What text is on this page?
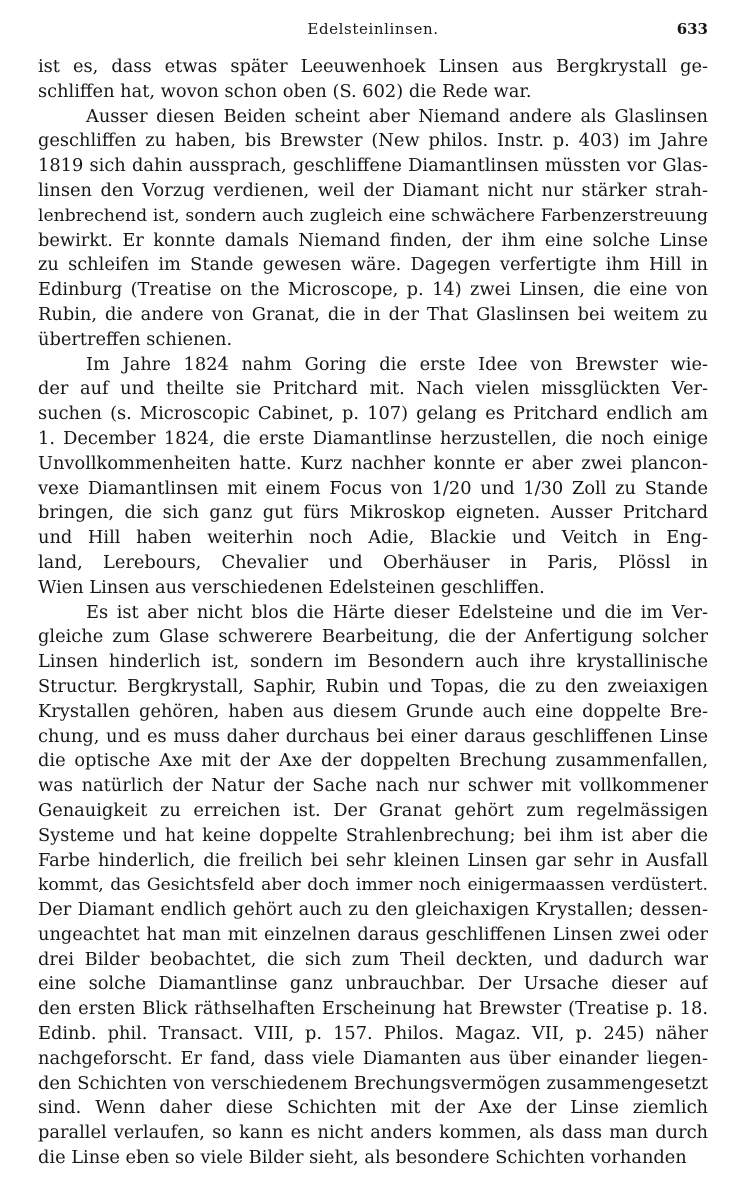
Edelsteinlinsen.	633
ist es, dass etwas später Leeuwenhoek Linsen aus Bergkrystall ge-
schliffen hat, wovon schon oben (S. 602) die Rede war.
Ausser diesen Beiden scheint aber Niemand andere als Glaslinsen
geschliffen zu haben, bis Brewster (New philos. Instr. p. 403) im Jahre
1819 sich dahin aussprach, geschliffene Diamantlinsen müssten vor Glas-
linsen den Vorzug verdienen, weil der Diamant nicht nur stärker strah-
lenbrechend ist, sondern auch zugleich eine schwächere Farbenzerstreuung
bewirkt. Er konnte damals Niemand finden, der ihm eine solche Linse
zu schleifen im Stande gewesen wäre. Dagegen verfertigte ihm Hill in
Edinburg (Treatise on the Microscope, p. 14) zwei Linsen, die eine von
Rubin, die andere von Granat, die in der That Glaslinsen bei weitem zu
übertreffen schienen.
Im Jahre 1824 nahm Goring die erste Idee von Brewster wie-
der auf und theilte sie Pritchard mit. Nach vielen missglückten Ver-
suchen (s. Microscopic Cabinet, p. 107) gelang es Pritchard endlich am
1. December 1824, die erste Diamantlinse herzustellen, die noch einige
Unvollkommenheiten hatte. Kurz nachher konnte er aber zwei plancon-
vexe Diamantlinsen mit einem Focus von 1/20 und 1/30 Zoll zu Stande
bringen, die sich ganz gut fürs Mikroskop eigneten. Ausser Pritchard
und Hill haben weiterhin noch Adie, Blackie und Veitch in Eng-
land, Lerebours, Chevalier und Oberhäuser in Paris, Plössl in
Wien Linsen aus verschiedenen Edelsteinen geschliffen.
Es ist aber nicht blos die Härte dieser Edelsteine und die im Ver-
gleiche zum Glase schwerere Bearbeitung, die der Anfertigung solcher
Linsen hinderlich ist, sondern im Besondern auch ihre krystallinische
Structur. Bergkrystall, Saphir, Rubin und Topas, die zu den zweiaxigen
Krystallen gehören, haben aus diesem Grunde auch eine doppelte Bre-
chung, und es muss daher durchaus bei einer daraus geschliffenen Linse
die optische Axe mit der Axe der doppelten Brechung zusammenfallen,
was natürlich der Natur der Sache nach nur schwer mit vollkommener
Genauigkeit zu erreichen ist. Der Granat gehört zum regelmässigen
Systeme und hat keine doppelte Strahlenbrechung; bei ihm ist aber die
Farbe hinderlich, die freilich bei sehr kleinen Linsen gar sehr in Ausfall
kommt, das Gesichtsfeld aber doch immer noch einigermaassen verdüstert.
Der Diamant endlich gehört auch zu den gleichaxigen Krystallen; dessen-
ungeachtet hat man mit einzelnen daraus geschliffenen Linsen zwei oder
drei Bilder beobachtet, die sich zum Theil deckten, und dadurch war
eine solche Diamantlinse ganz unbrauchbar. Der Ursache dieser auf
den ersten Blick räthselhaften Erscheinung hat Brewster (Treatise p. 18.
Edinb. phil. Transact. VIII, p. 157. Philos. Magaz. VII, p. 245) näher
nachgeforscht. Er fand, dass viele Diamanten aus über einander liegen-
den Schichten von verschiedenem Brechungsvermögen zusammengesetzt
sind. Wenn daher diese Schichten mit der Axe der Linse ziemlich
parallel verlaufen, so kann es nicht anders kommen, als dass man durch
die Linse eben so viele Bilder sieht, als besondere Schichten vorhanden
